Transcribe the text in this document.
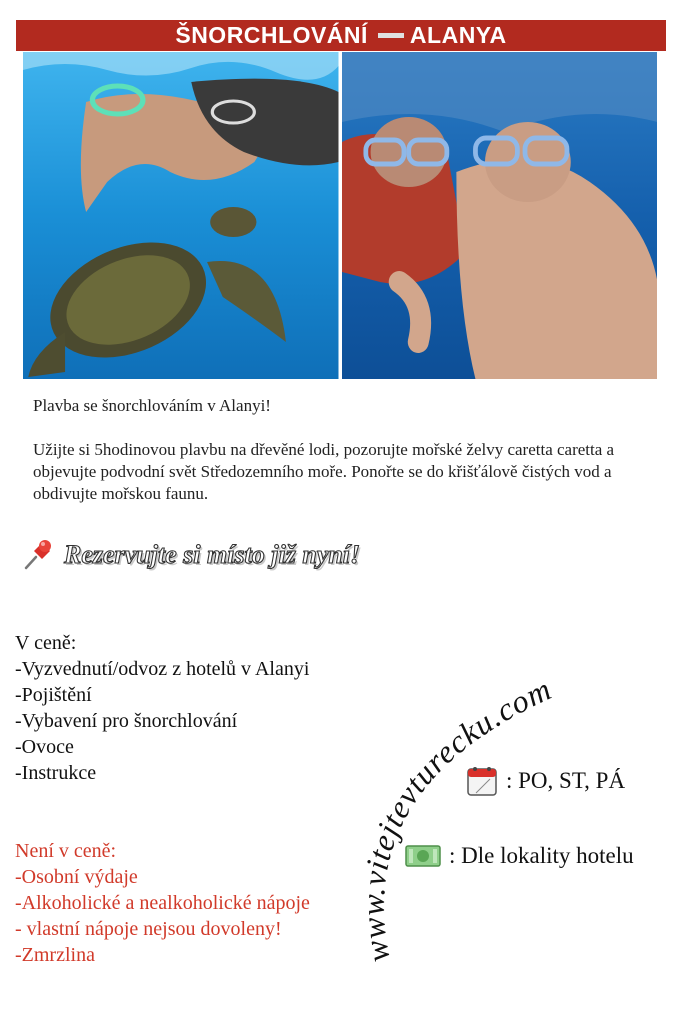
ŠNORCHLOVÁNÍ ALANYA

Plavba se šnorchlováním v Alanyi!

Užijte si 5hodinovou plavbu na dřevěné lodi, pozorujte mořské želvy caretta caretta a objevujte podvodní svět Středozemního moře. Ponořte se do křišťálově čistých vod a obdivujte mořskou faunu.

Rezervujte si místo již nyní!
V ceně:
-Vyzvednutí/odvoz z hotelů v Alanyi
-Pojištění
-Vybavení pro šnorchlování
-Ovoce
-Instrukce
Není v ceně:
-Osobní výdaje
-Alkoholické a nealkoholické nápoje - vlastní nápoje nejsou dovoleny!
-Zmrzlina	www.vitejtevturecku.com
: PO, ST, PÁ
: Dle lokality hotelu
